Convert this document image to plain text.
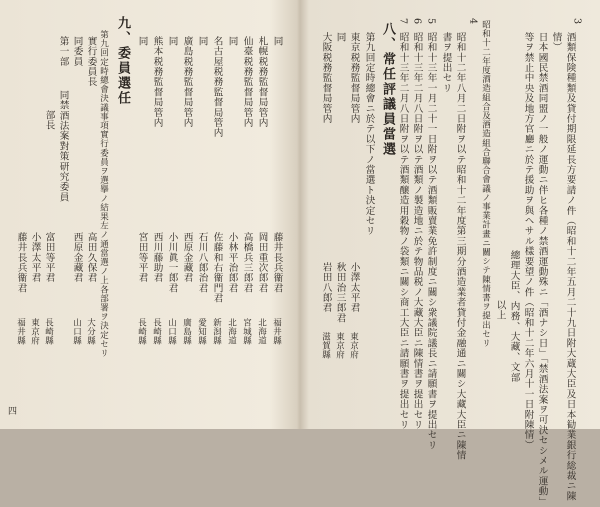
3
酒類保険種類及貸付期限延長方要請ノ件（昭和十二年五月二十九日附大蔵大臣及日本勧業銀行総裁ニ陳
情）
日本國民禁酒同盟ノ一般ノ運動ニ伴ヒ各種ノ禁酒運動殊ニ「酒ナシ日」「禁酒法案ヲ可決セシメル運動」
等ヲ禁止中央及地方官廳ニ於テ援助ヲ與ヘサル樣要望ノ件（昭和十二年六月十一日附陳情）
總理大臣、内務、大藏、文部
以上
昭和十二年度酒造組合及酒造組合聯合會議ノ事業計畫ニ關シテ陳情書ヲ提出セリ
4
昭和十二年八月二日附ヲ以テ昭和十二年度第三期分酒造業者貸付金融通ニ關シ大藏大臣ニ陳情
書ヲ提出セリ
5
昭和十三年一月二十一日附ヲ以テ酒類販賣業免許制度ニ關シ衆議院議長ニ請願書ヲ提出セリ
6
昭和十三年二月八日附ヲ以テ酒類ノ製造地ニ於テ物品税ノ大藏大臣ニ陳情書ヲ提出セリ
7
昭和十三年二月八日附ヲ以テ酒類醸造用穀物ノ袋類ニ關シ商工大臣ニ請願書ヲ提出セリ
八、常任評議員當選
第九回定時總會ニ於テ以下ノ當選ト決定セリ
東京税務監督局管内
小澤太平君
東京府
同
秋田治三郎君
東京府
大阪税務監督局管内
岩田八郎君
滋賀縣
同
藤井長兵衞君
福井縣
札幌税務監督局管内
岡田重次郎君
北海道
仙臺税務監督局管内
高橋兵三郎君
宮城縣
同
小林平治郎君
北海道
名古屋税務監督局管内
佐藤和右衞門君
新潟縣
同
石川八郎治君
愛知縣
廣島税務監督局管内
西原金藏君
廣島縣
同
小川眞一郎君
山口縣
熊本税務監督局管内
西川藤助君
長崎縣
同
宮田等平君
長崎縣
九、委員選任
第九回定時總會決議事項實行委員ヲ選擧ノ結果左ノ通當選ノ上各部署ヲ決定セリ
實行委員長
高田久保君
大分縣
同委員
西原金藏君
山口縣
第一部
同禁酒法案對策研究委員
部長
富田等平君
長崎縣
小澤太平君
東京府
藤井長兵衞君
福井縣
四
